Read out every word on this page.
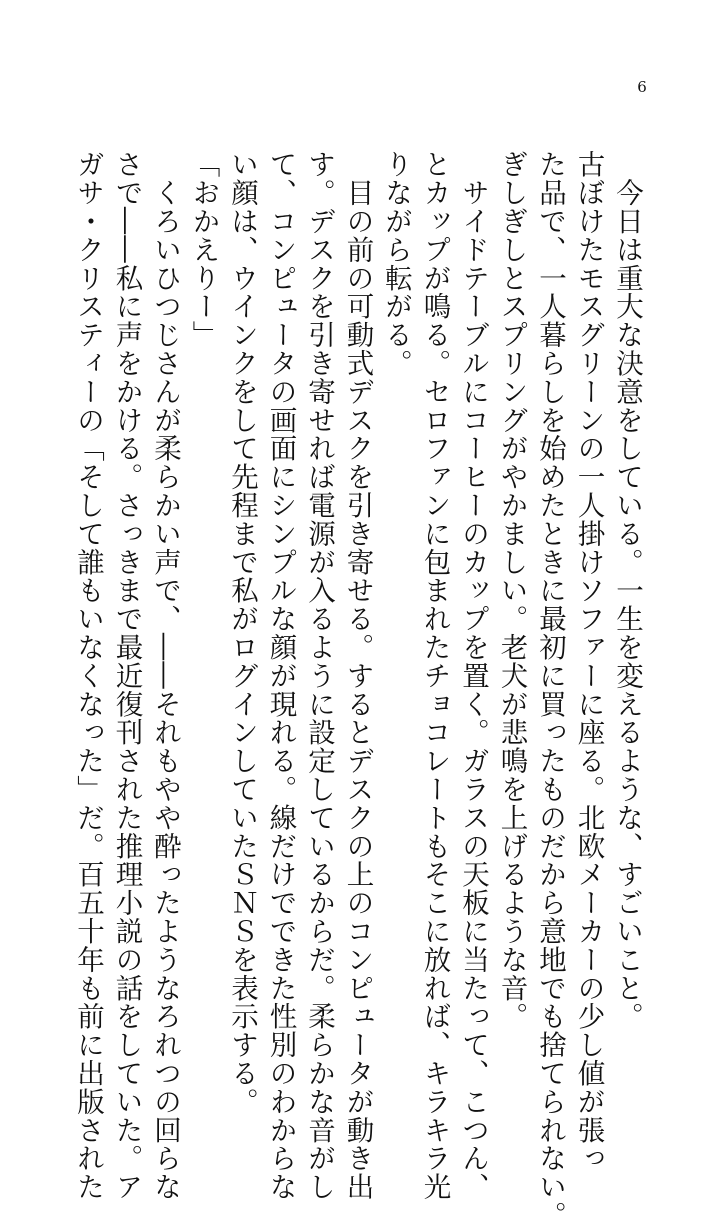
6
　今日は重大な決意をしている。一生を変えるような、すごいこと。
古ぼけたモスグリーンの一人掛けソファーに座る。北欧メーカーの少し値が張っ
た品で、一人暮らしを始めたときに最初に買ったものだから意地でも捨てられない。
ぎしぎしとスプリングがやかましい。老犬が悲鳴を上げるような音。
　サイドテーブルにコーヒーのカップを置く。ガラスの天板に当たって、こつん、
とカップが鳴る。セロファンに包まれたチョコレートもそこに放れば、キラキラ光
りながら転がる。
　目の前の可動式デスクを引き寄せる。するとデスクの上のコンピュータが動き出
す。デスクを引き寄せれば電源が入るように設定しているからだ。柔らかな音がし
て、コンピュータの画面にシンプルな顔が現れる。線だけでできた性別のわからな
い顔は、ウインクをして先程まで私がログインしていたＳＮＳを表示する。
「おかえりー」
　くろいひつじさんが柔らかい声で、――それもやや酔ったようなろれつの回らな
さで――私に声をかける。さっきまで最近復刊された推理小説の話をしていた。ア
ガサ・クリスティーの「そして誰もいなくなった」だ。百五十年も前に出版された
